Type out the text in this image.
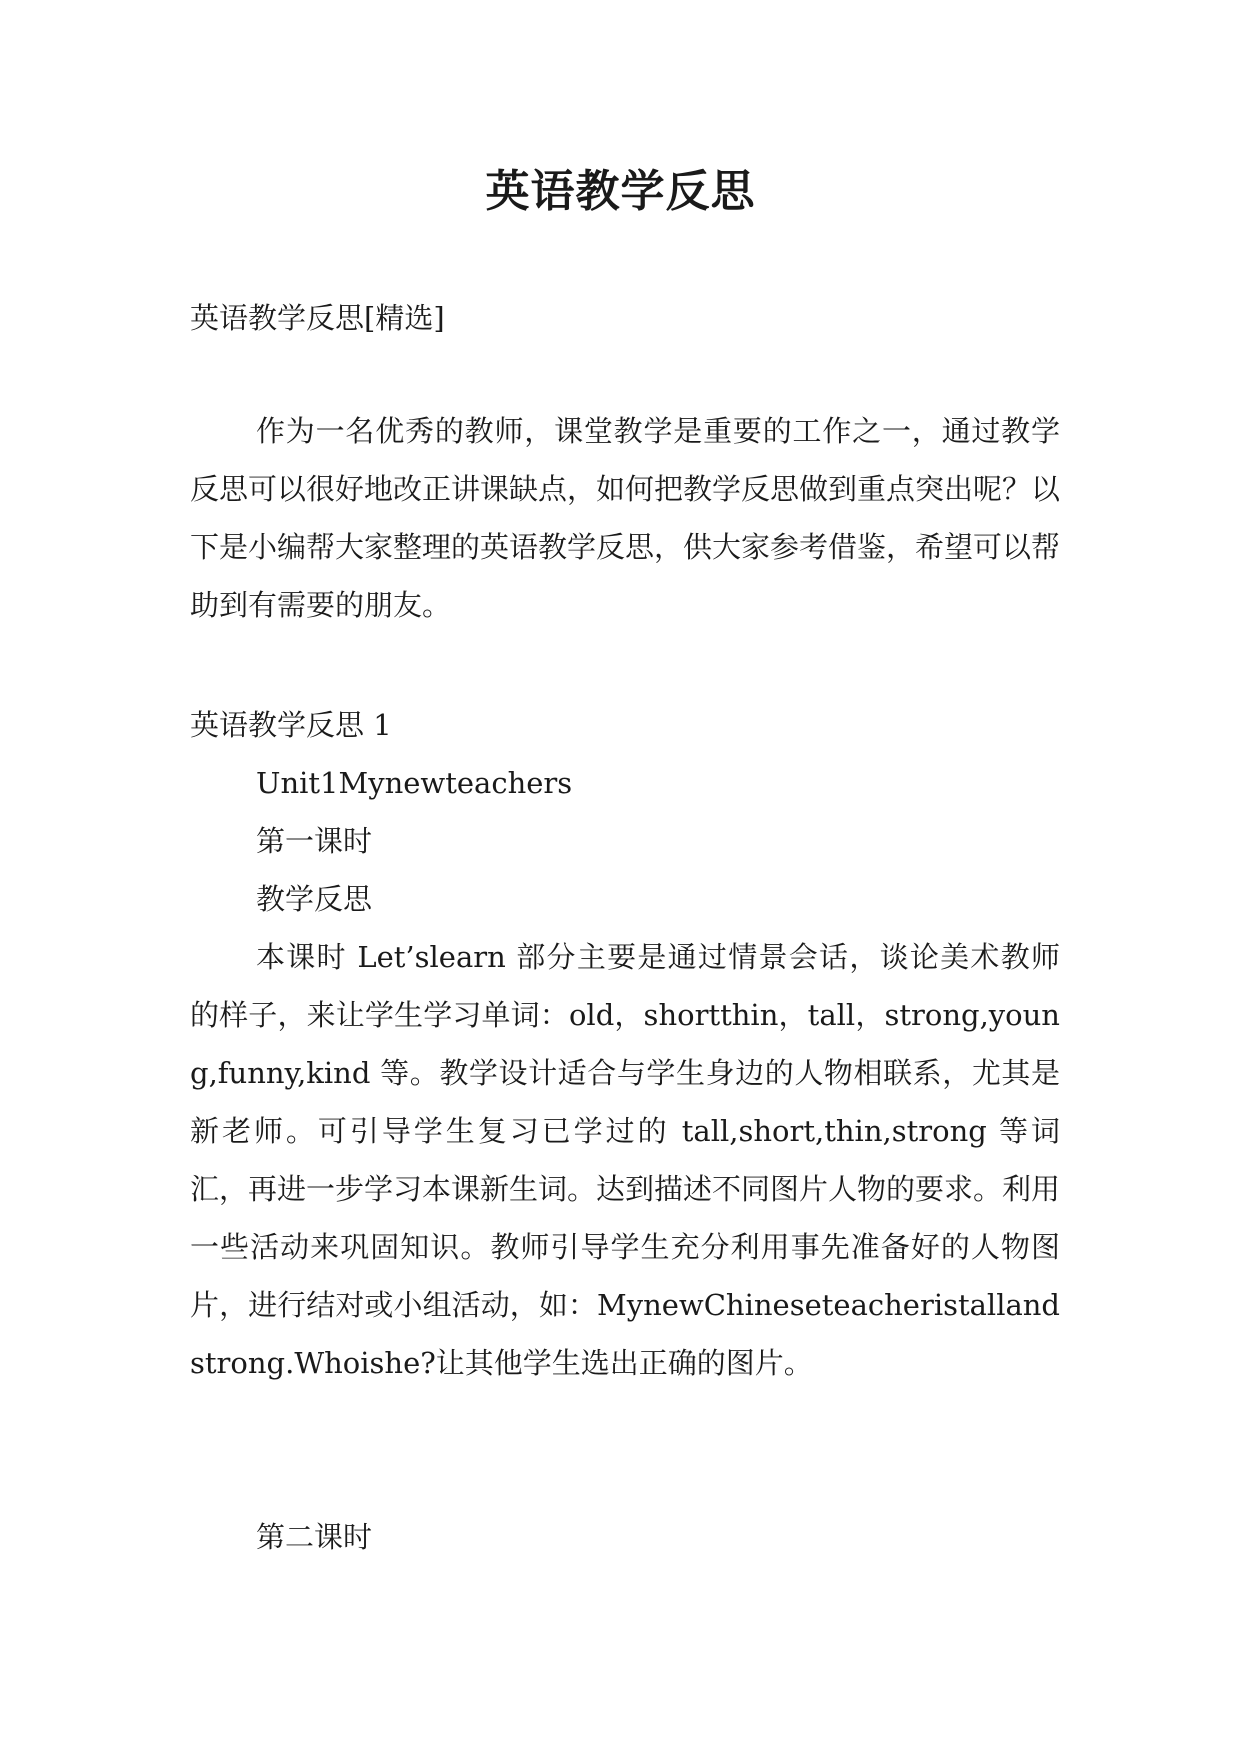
英语教学反思
英语教学反思[精选]
作为一名优秀的教师，课堂教学是重要的工作之一，通过教学反思可以很好地改正讲课缺点，如何把教学反思做到重点突出呢？以下是小编帮大家整理的英语教学反思，供大家参考借鉴，希望可以帮助到有需要的朋友。
英语教学反思 1
Unit1Mynewteachers
第一课时
教学反思
本课时 Let’slearn 部分主要是通过情景会话，谈论美术教师的样子，来让学生学习单词：old，shortthin，tall，strong,young,funny,kind 等。教学设计适合与学生身边的人物相联系，尤其是新老师。可引导学生复习已学过的 tall,short,thin,strong 等词汇，再进一步学习本课新生词。达到描述不同图片人物的要求。利用一些活动来巩固知识。教师引导学生充分利用事先准备好的人物图片，进行结对或小组活动，如：MynewChineseteacheristallandstrong.Whoishe?让其他学生选出正确的图片。
第二课时
